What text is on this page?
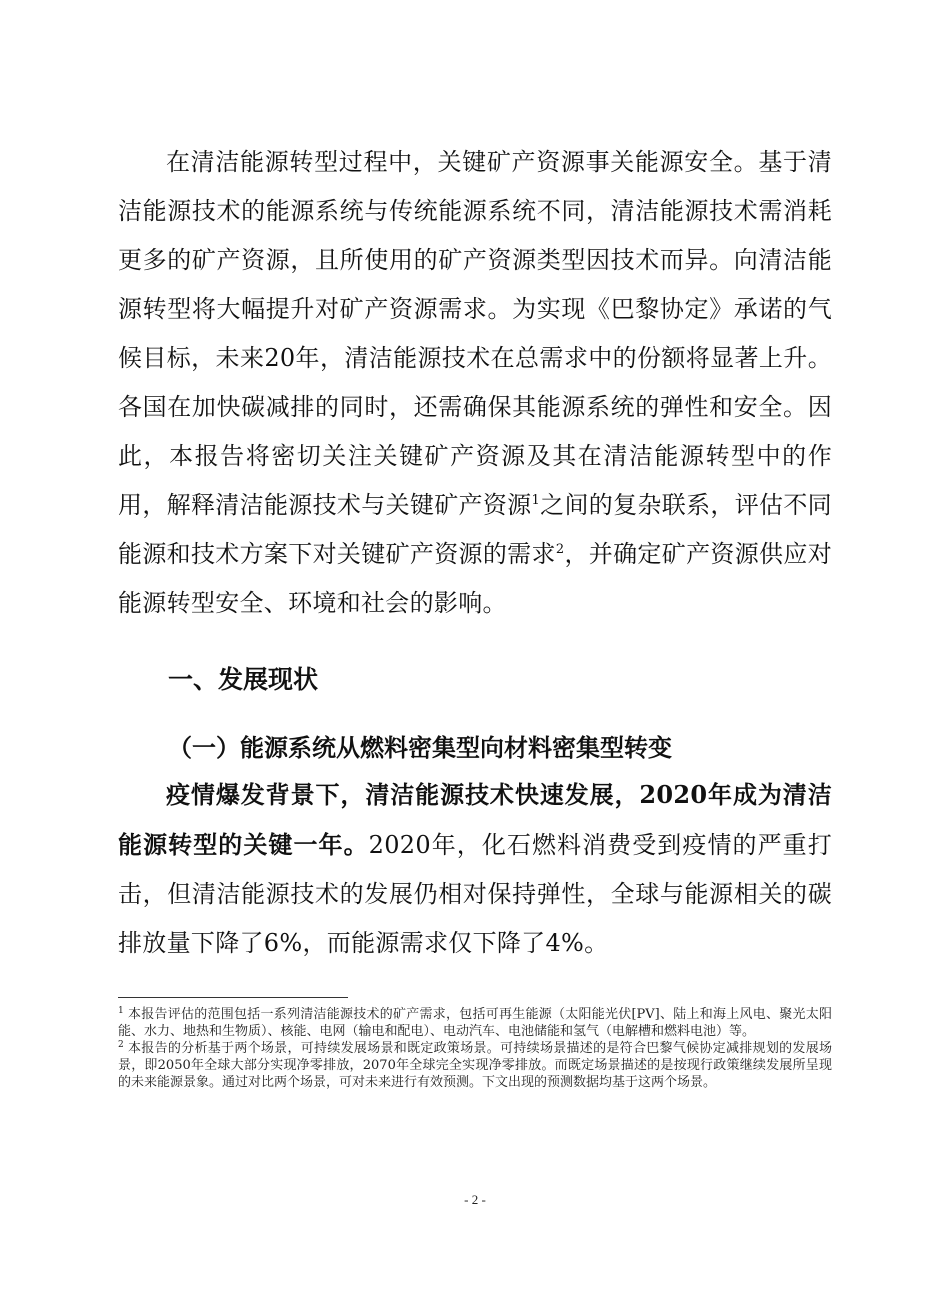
在清洁能源转型过程中，关键矿产资源事关能源安全。基于清洁能源技术的能源系统与传统能源系统不同，清洁能源技术需消耗更多的矿产资源，且所使用的矿产资源类型因技术而异。向清洁能源转型将大幅提升对矿产资源需求。为实现《巴黎协定》承诺的气候目标，未来20年，清洁能源技术在总需求中的份额将显著上升。各国在加快碳减排的同时，还需确保其能源系统的弹性和安全。因此，本报告将密切关注关键矿产资源及其在清洁能源转型中的作用，解释清洁能源技术与关键矿产资源$^1$之间的复杂联系，评估不同能源和技术方案下对关键矿产资源的需求$^2$，并确定矿产资源供应对能源转型安全、环境和社会的影响。

一、发展现状
（一）能源系统从燃料密集型向材料密集型转变

疫情爆发背景下，清洁能源技术快速发展，2020年成为清洁能源转型的关键一年。2020年，化石燃料消费受到疫情的严重打击，但清洁能源技术的发展仍相对保持弹性，全球与能源相关的碳排放量下降了6%，而能源需求仅下降了4%。

$^1$ 本报告评估的范围包括一系列清洁能源技术的矿产需求，包括可再生能源（太阳能光伏[PV]、陆上和海上风电、聚光太阳能、水力、地热和生物质）、核能、电网（输电和配电）、电动汽车、电池储能和氢气（电解槽和燃料电池）等。

$^2$ 本报告的分析基于两个场景，可持续发展场景和既定政策场景。可持续场景描述的是符合巴黎气候协定减排规划的发展场景，即2050年全球大部分实现净零排放，2070年全球完全实现净零排放。而既定场景描述的是按现行政策继续发展所呈现的未来能源景象。通过对比两个场景，可对未来进行有效预测。下文出现的预测数据均基于这两个场景。

- 2 -
